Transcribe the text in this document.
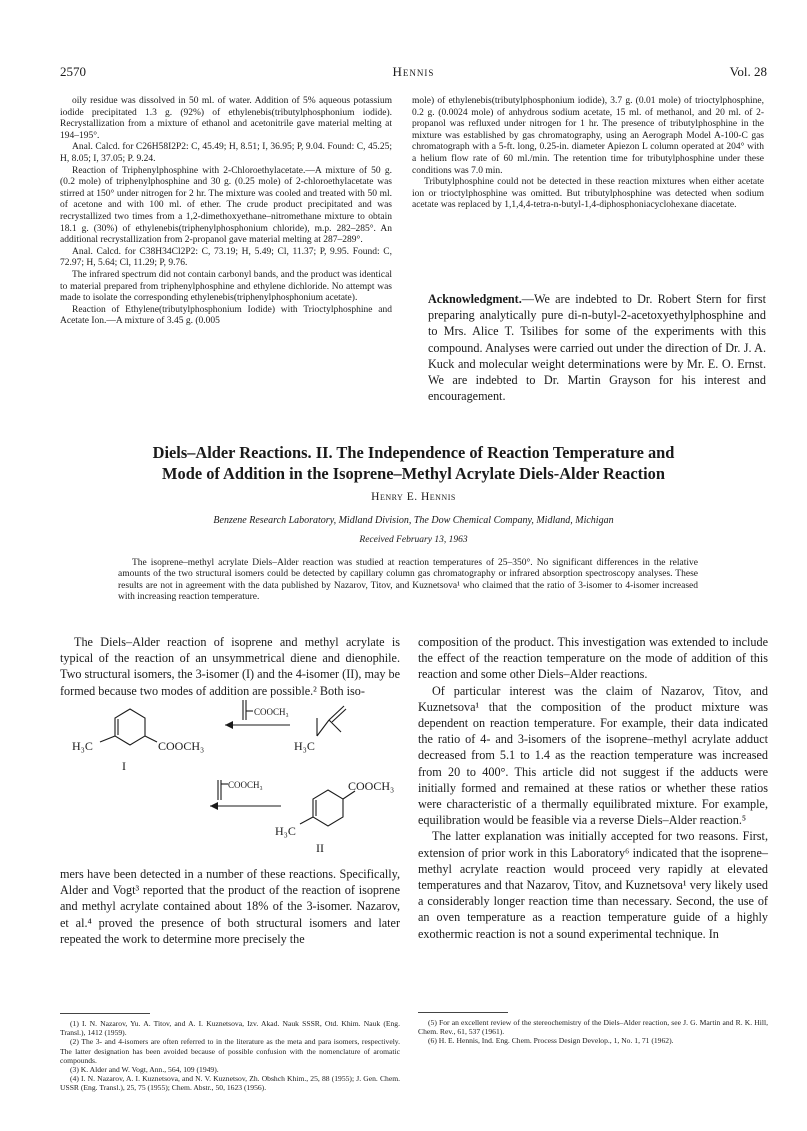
2570	Hennis	Vol. 28

oily residue was dissolved in 50 ml. of water. Addition of 5% aqueous potassium iodide precipitated 1.3 g. (92%) of ethylenebis(tributylphosphonium iodide). Recrystallization from a mixture of ethanol and acetonitrile gave material melting at 194–195°.

Anal. Calcd. for C26H58I2P2: C, 45.49; H, 8.51; I, 36.95; P, 9.04. Found: C, 45.25; H, 8.05; I, 37.05; P. 9.24.

Reaction of Triphenylphosphine with 2-Chloroethylacetate.—A mixture of 50 g. (0.2 mole) of triphenylphosphine and 30 g. (0.25 mole) of 2-chloroethylacetate was stirred at 150° under nitrogen for 2 hr. The mixture was cooled and treated with 50 ml. of acetone and with 100 ml. of ether. The crude product precipitated and was recrystallized two times from a 1,2-dimethoxyethane–nitromethane mixture to obtain 18.1 g. (30%) of ethylenebis(triphenylphosphonium chloride), m.p. 282–285°. An additional recrystallization from 2-propanol gave material melting at 287–289°.

Anal. Calcd. for C38H34Cl2P2: C, 73.19; H, 5.49; Cl, 11.37; P, 9.95. Found: C, 72.97; H, 5.64; Cl, 11.29; P, 9.76.

The infrared spectrum did not contain carbonyl bands, and the product was identical to material prepared from triphenylphosphine and ethylene dichloride. No attempt was made to isolate the corresponding ethylenebis(triphenylphosphonium acetate).

Reaction of Ethylene(tributylphosphonium Iodide) with Trioctylphosphine and Acetate Ion.—A mixture of 3.45 g. (0.005

mole) of ethylenebis(tributylphosphonium iodide), 3.7 g. (0.01 mole) of trioctylphosphine, 0.2 g. (0.0024 mole) of anhydrous sodium acetate, 15 ml. of methanol, and 20 ml. of 2-propanol was refluxed under nitrogen for 1 hr. The presence of tributylphosphine in the mixture was established by gas chromatography, using an Aerograph Model A-100-C gas chromatograph with a 5-ft. long, 0.25-in. diameter Apiezon L column operated at 204° with a helium flow rate of 60 ml./min. The retention time for tributylphosphine under these conditions was 7.0 min.

Tributylphosphine could not be detected in these reaction mixtures when either acetate ion or trioctylphosphine was omitted. But tributylphosphine was detected when sodium acetate was replaced by 1,1,4,4-tetra-n-butyl-1,4-diphosphoniacyclohexane diacetate.

Acknowledgment.—We are indebted to Dr. Robert Stern for first preparing analytically pure di-n-butyl-2-acetoxyethylphosphine and to Mrs. Alice T. Tsilibes for some of the experiments with this compound. Analyses were carried out under the direction of Dr. J. A. Kuck and molecular weight determinations were by Mr. E. O. Ernst. We are indebted to Dr. Martin Grayson for his interest and encouragement.
Diels–Alder Reactions. II. The Independence of Reaction Temperature and
Mode of Addition in the Isoprene–Methyl Acrylate Diels-Alder Reaction
Henry E. Hennis
Benzene Research Laboratory, Midland Division, The Dow Chemical Company, Midland, Michigan
Received February 13, 1963
The isoprene–methyl acrylate Diels–Alder reaction was studied at reaction temperatures of 25–350°. No significant differences in the relative amounts of the two structural isomers could be detected by capillary column gas chromatography or infrared absorption spectroscopy analyses. These results are not in agreement with the data published by Nazarov, Titov, and Kuznetsova¹ who claimed that the ratio of 3-isomer to 4-isomer increased with increasing reaction temperature.

The Diels–Alder reaction of isoprene and methyl acrylate is typical of the reaction of an unsymmetrical diene and dienophile. Two structural isomers, the 3-isomer (I) and the 4-isomer (II), may be formed because two modes of addition are possible.² Both iso-

H₃C	COOCH₃
I
COOCH₃
H₃C
COOCH₃	COOCH₃
H₃C
II

mers have been detected in a number of these reactions. Specifically, Alder and Vogt³ reported that the product of the reaction of isoprene and methyl acrylate contained about 18% of the 3-isomer. Nazarov, et al.⁴ proved the presence of both structural isomers and later repeated the work to determine more precisely the

composition of the product. This investigation was extended to include the effect of the reaction temperature on the mode of addition of this reaction and some other Diels–Alder reactions.

Of particular interest was the claim of Nazarov, Titov, and Kuznetsova¹ that the composition of the product mixture was dependent on reaction temperature. For example, their data indicated the ratio of 4- and 3-isomers of the isoprene–methyl acrylate adduct decreased from 5.1 to 1.4 as the reaction temperature was increased from 20 to 400°. This article did not suggest if the adducts were initially formed and remained at these ratios or whether these ratios were characteristic of a thermally equilibrated mixture. For example, equilibration would be feasible via a reverse Diels–Alder reaction.⁵

The latter explanation was initially accepted for two reasons. First, extension of prior work in this Laboratory⁶ indicated that the isoprene–methyl acrylate reaction would proceed very rapidly at elevated temperatures and that Nazarov, Titov, and Kuznetsova¹ very likely used a considerably longer reaction time than necessary. Second, the use of an oven temperature as a reaction temperature guide of a highly exothermic reaction is not a sound experimental technique. In

(1) I. N. Nazarov, Yu. A. Titov, and A. I. Kuznetsova, Izv. Akad. Nauk SSSR, Otd. Khim. Nauk (Eng. Transl.), 1412 (1959).

(2) The 3- and 4-isomers are often referred to in the literature as the meta and para isomers, respectively. The latter designation has been avoided because of possible confusion with the nomenclature of aromatic compounds.

(3) K. Alder and W. Vogt, Ann., 564, 109 (1949).

(4) I. N. Nazarov, A. I. Kuznetsova, and N. V. Kuznetsov, Zh. Obshch Khim., 25, 88 (1955); J. Gen. Chem. USSR (Eng. Transl.), 25, 75 (1955); Chem. Abstr., 50, 1623 (1956).

(5) For an excellent review of the stereochemistry of the Diels–Alder reaction, see J. G. Martin and R. K. Hill, Chem. Rev., 61, 537 (1961).

(6) H. E. Hennis, Ind. Eng. Chem. Process Design Develop., 1, No. 1, 71 (1962).
